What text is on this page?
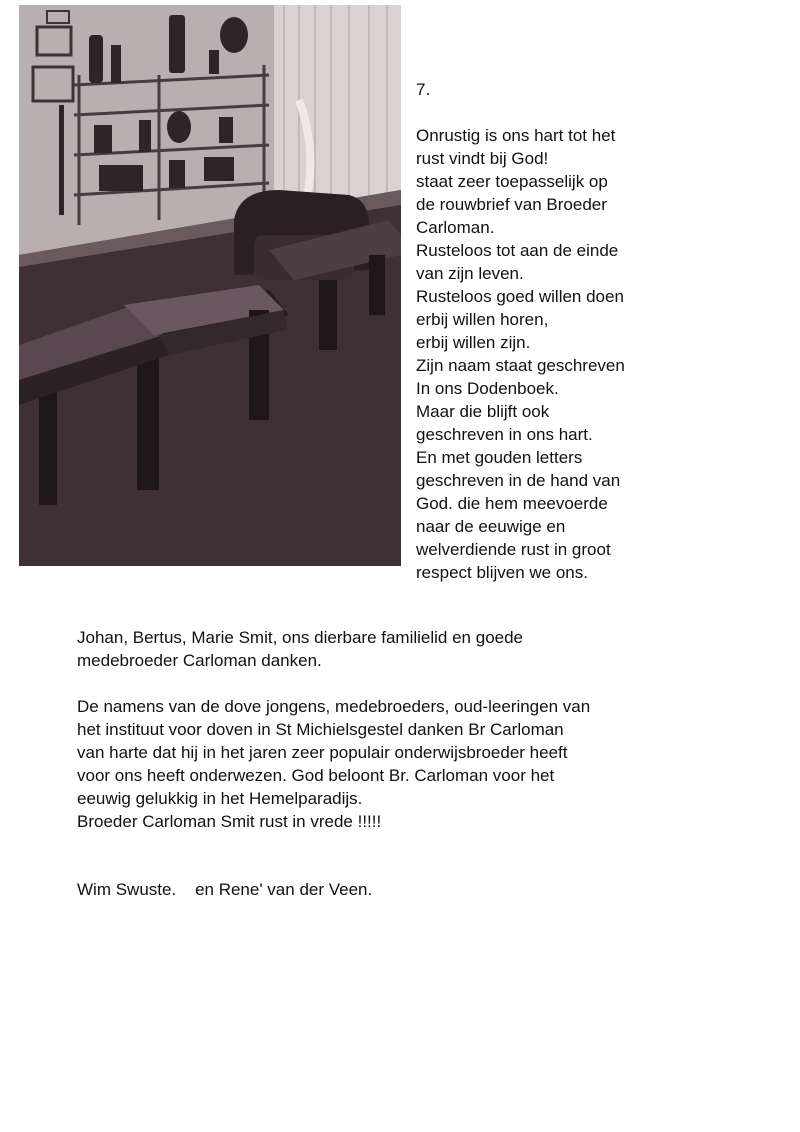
7.
Onrustig is ons hart tot het
rust vindt bij God!
staat zeer toepasselijk op
de rouwbrief van Broeder
Carloman.
Rusteloos tot aan de einde
van zijn leven.
Rusteloos goed willen doen
erbij willen horen,
erbij willen zijn.
Zijn naam staat geschreven
In ons Dodenboek.
Maar die blijft ook
geschreven in ons hart.
En met gouden letters
geschreven in de hand van
God. die hem meevoerde
naar de eeuwige en
welverdiende rust in groot
respect blijven we ons.
Johan, Bertus, Marie Smit, ons dierbare familielid en goede
medebroeder Carloman danken.
De namens van de dove jongens, medebroeders, oud-leeringen van
het instituut voor doven in St Michielsgestel danken Br Carloman
van harte dat hij in het jaren zeer populair onderwijsbroeder heeft
voor ons heeft onderwezen. God beloont Br. Carloman voor het
eeuwig gelukkig in het Hemelparadijs.
Broeder Carloman Smit rust in vrede !!!!!
Wim Swuste.    en Rene' van der Veen.
